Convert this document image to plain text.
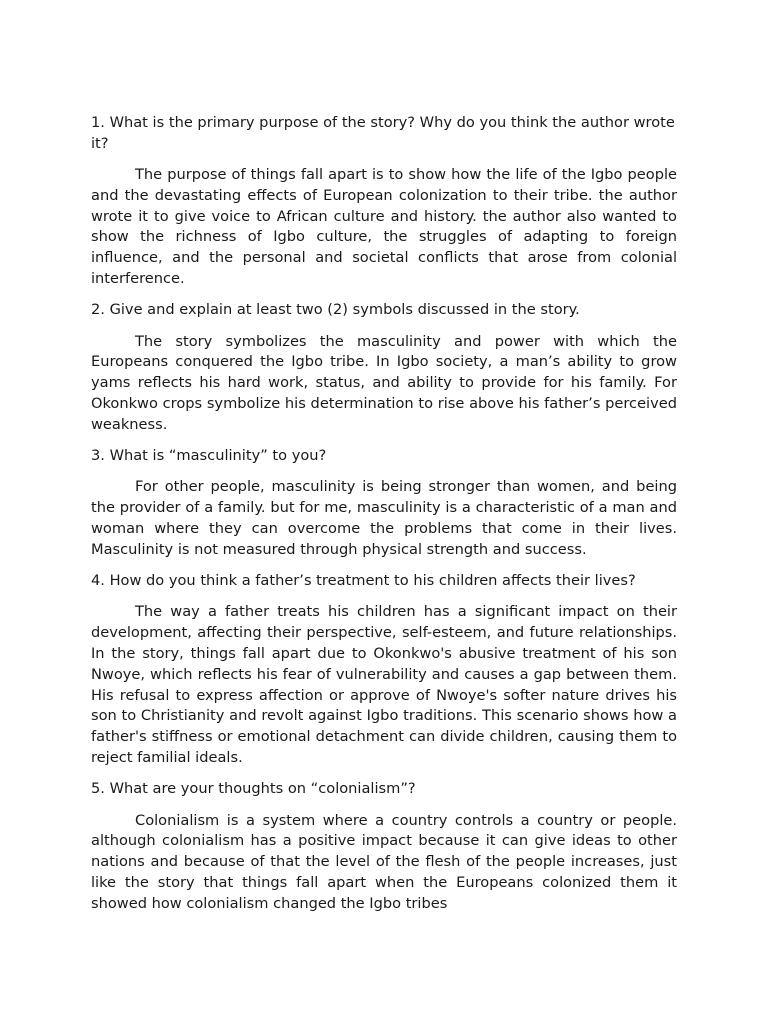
1. What is the primary purpose of the story? Why do you think the author wrote it?

The purpose of things fall apart is to show how the life of the Igbo people and the devastating effects of European colonization to their tribe. the author wrote it to give voice to African culture and history. the author also wanted to show the richness of Igbo culture, the struggles of adapting to foreign influence, and the personal and societal conflicts that arose from colonial interference.

2. Give and explain at least two (2) symbols discussed in the story.

The story symbolizes the masculinity and power with which the Europeans conquered the Igbo tribe. In Igbo society, a man’s ability to grow yams reflects his hard work, status, and ability to provide for his family. For Okonkwo crops symbolize his determination to rise above his father’s perceived weakness.

3. What is “masculinity” to you?

For other people, masculinity is being stronger than women, and being the provider of a family. but for me, masculinity is a characteristic of a man and woman where they can overcome the problems that come in their lives. Masculinity is not measured through physical strength and success.

4. How do you think a father’s treatment to his children affects their lives?

The way a father treats his children has a significant impact on their development, affecting their perspective, self-esteem, and future relationships. In the story, things fall apart due to Okonkwo's abusive treatment of his son Nwoye, which reflects his fear of vulnerability and causes a gap between them. His refusal to express affection or approve of Nwoye's softer nature drives his son to Christianity and revolt against Igbo traditions. This scenario shows how a father's stiffness or emotional detachment can divide children, causing them to reject familial ideals.

5. What are your thoughts on “colonialism”?

Colonialism is a system where a country controls a country or people. although colonialism has a positive impact because it can give ideas to other nations and because of that the level of the flesh of the people increases, just like the story that things fall apart when the Europeans colonized them it showed how colonialism changed the Igbo tribes
